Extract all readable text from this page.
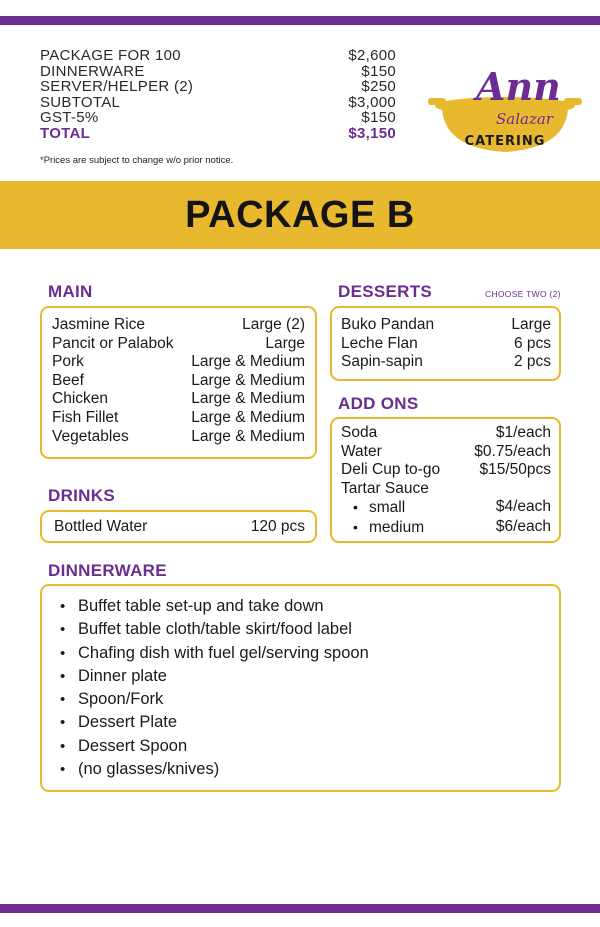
PACKAGE FOR 100	$2,600
DINNERWARE	$150
SERVER/HELPER (2)	$250
SUBTOTAL	$3,000
GST-5%	$150
TOTAL	$3,150
*Prices are subject to change w/o prior notice.
Ann
Salazar
CATERING
PACKAGE B
MAIN
Jasmine Rice	Large (2)
Pancit or Palabok	Large
Pork	Large & Medium
Beef	Large & Medium
Chicken	Large & Medium
Fish Fillet	Large & Medium
Vegetables	Large & Medium
DESSERTS	CHOOSE TWO (2)
Buko Pandan	Large
Leche Flan	6 pcs
Sapin-sapin	2 pcs
ADD ONS
Soda	$1/each
Water	$0.75/each
Deli Cup to-go	$15/50pcs
Tartar Sauce
• small	$4/each
• medium	$6/each
DRINKS
Bottled Water	120 pcs
DINNERWARE
• Buffet table set-up and take down
• Buffet table cloth/table skirt/food label
• Chafing dish with fuel gel/serving spoon
• Dinner plate
• Spoon/Fork
• Dessert Plate
• Dessert Spoon
• (no glasses/knives)
